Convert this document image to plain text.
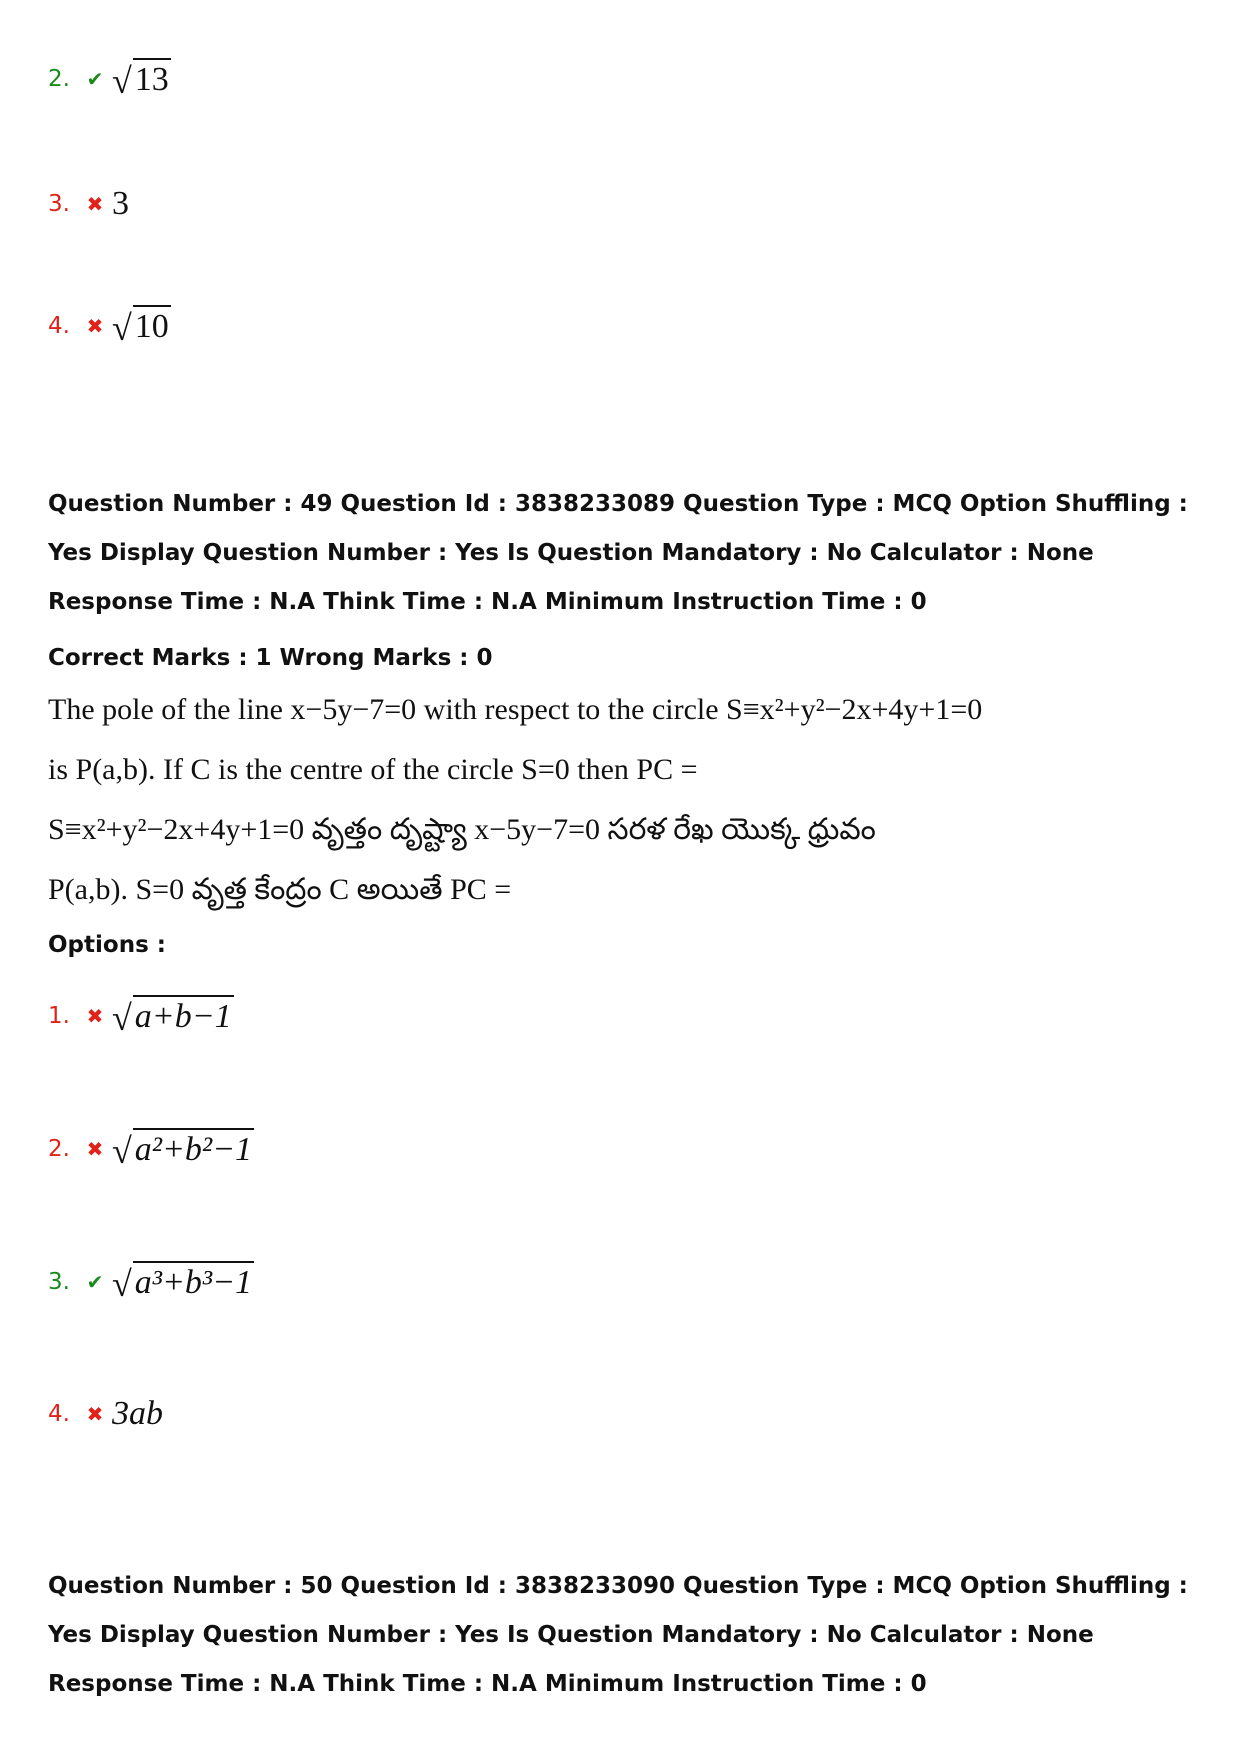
2. ✔ √ 13
3. ✖ 3
4. ✖ √ 10
Question Number : 49 Question Id : 3838233089 Question Type : MCQ Option Shuffling : Yes Display Question Number : Yes Is Question Mandatory : No Calculator : None Response Time : N.A Think Time : N.A Minimum Instruction Time : 0
Correct Marks : 1 Wrong Marks : 0
The pole of the line x−5y−7=0 with respect to the circle S≡x²+y²−2x+4y+1=0
is P(a,b). If C is the centre of the circle S=0 then PC =
S≡x²+y²−2x+4y+1=0 వృత్తం దృష్ట్యా x−5y−7=0 సరళ రేఖ యొక్క ధ్రువం
P(a,b). S=0 వృత్త కేంద్రం C అయితే PC =
Options :
1. ✖ √ a+b−1
2. ✖ √ a²+b²−1
3. ✔ √ a³+b³−1
4. ✖ 3ab
Question Number : 50 Question Id : 3838233090 Question Type : MCQ Option Shuffling : Yes Display Question Number : Yes Is Question Mandatory : No Calculator : None Response Time : N.A Think Time : N.A Minimum Instruction Time : 0
